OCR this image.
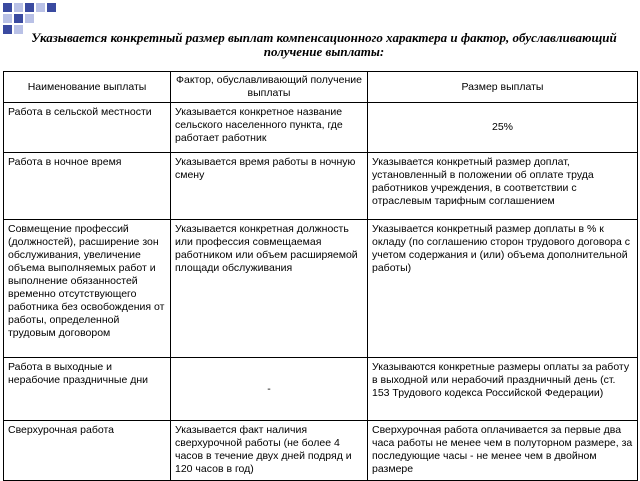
Указывается конкретный размер выплат компенсационного характера и фактор, обуславливающий получение выплаты:
Наименование выплаты	Фактор, обуславливающий получение выплаты	Размер выплаты
Работа в сельской местности	Указывается конкретное название сельского населенного пункта, где работает работник	25%
Работа в ночное время	Указывается время работы в ночную смену	Указывается конкретный размер доплат, установленный в положении об оплате труда работников учреждения, в соответствии с отраслевым тарифным соглашением
Совмещение профессий (должностей), расширение зон обслуживания, увеличение объема выполняемых работ и выполнение обязанностей временно отсутствующего работника без освобождения от работы, определенной трудовым договором	Указывается конкретная должность или профессия совмещаемая работником или объем расширяемой площади обслуживания	Указывается конкретный размер доплаты в % к окладу (по соглашению сторон трудового договора с учетом содержания и (или) объема дополнительной работы)
Работа в выходные и нерабочие праздничные дни	-	Указываются конкретные размеры оплаты за работу в выходной или нерабочий праздничный день (ст. 153 Трудового кодекса Российской Федерации)
Сверхурочная работа	Указывается факт наличия сверхурочной работы (не более 4 часов в течение двух дней подряд и 120 часов в год)	Сверхурочная работа оплачивается за первые два часа работы не менее чем в полуторном размере, за последующие часы - не менее чем в двойном размере
